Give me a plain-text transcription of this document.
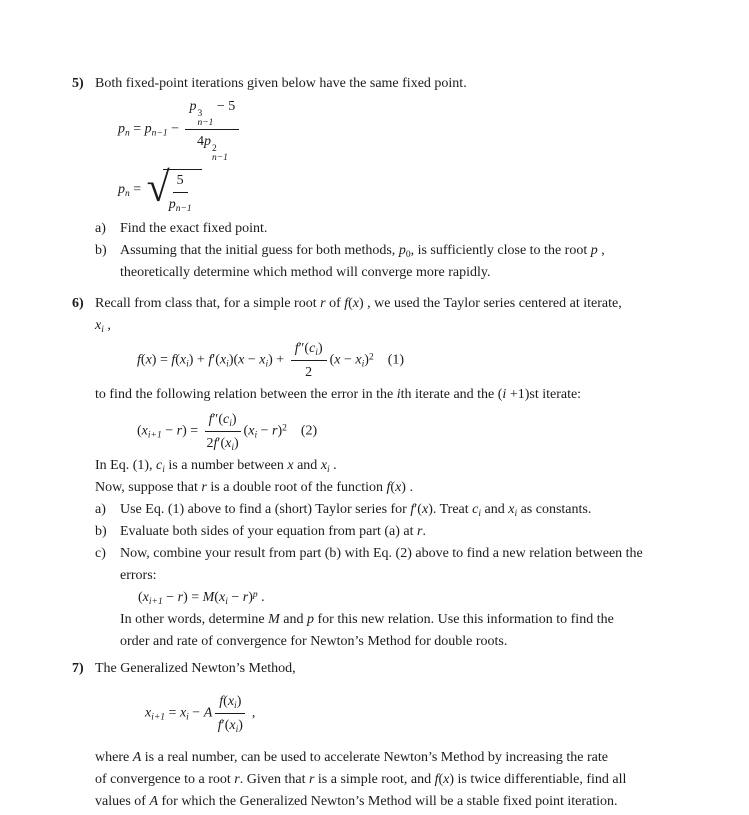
5) Both fixed-point iterations given below have the same fixed point.

$p_n = p_{n-1} - p$ 3
n−1
− 5
4p 2
n−1
$p_n$ = √ $\frac{5}{p_{n-1}}$
a)	Find the exact fixed point.
b) Assuming that the initial guess for both methods, $p_0$, is sufficiently close to the root p ,
theoretically determine which method will converge more rapidly.
6) Recall from class that, for a simple root r of f(x) , we used the Taylor series centered at iterate,
$x_i$ ,

$f(x) = f(x_i) + f'(x_i)(x - x_i) + \frac{f''(c_i)}{2} (x - x_i)^2$  (1)

to find the following relation between the error in the ith iterate and the (i +1)st iterate:

$(x_{i+1} - r) = \frac{f''(c_i)}{2f'(x_i)} (x_i - r)^2$  (2)

In Eq. (1), $c_i$ is a number between x and $x_i$ .

Now, suppose that r is a double root of the function f(x) .

a)	Use Eq. (1) above to find a (short) Taylor series for f′(x). Treat $c_i$ and $x_i$ as constants.
b) Evaluate both sides of your equation from part (a) at r.
c)	Now, combine your result from part (b) with Eq. (2) above to find a new relation between the
errors:
$(x_{i+1} - r) = M(x_i - r)^p$ .
In other words, determine M and p for this new relation. Use this information to find the
order and rate of convergence for Newton’s Method for double roots.
7) The Generalized Newton’s Method,

$x_{i+1} = x_i - A \frac{f(x_i)}{f'(x_i)}$ ,

where A is a real number, can be used to accelerate Newton’s Method by increasing the rate
of convergence to a root r. Given that r is a simple root, and f(x) is twice differentiable, find all
values of A for which the Generalized Newton’s Method will be a stable fixed point iteration.
